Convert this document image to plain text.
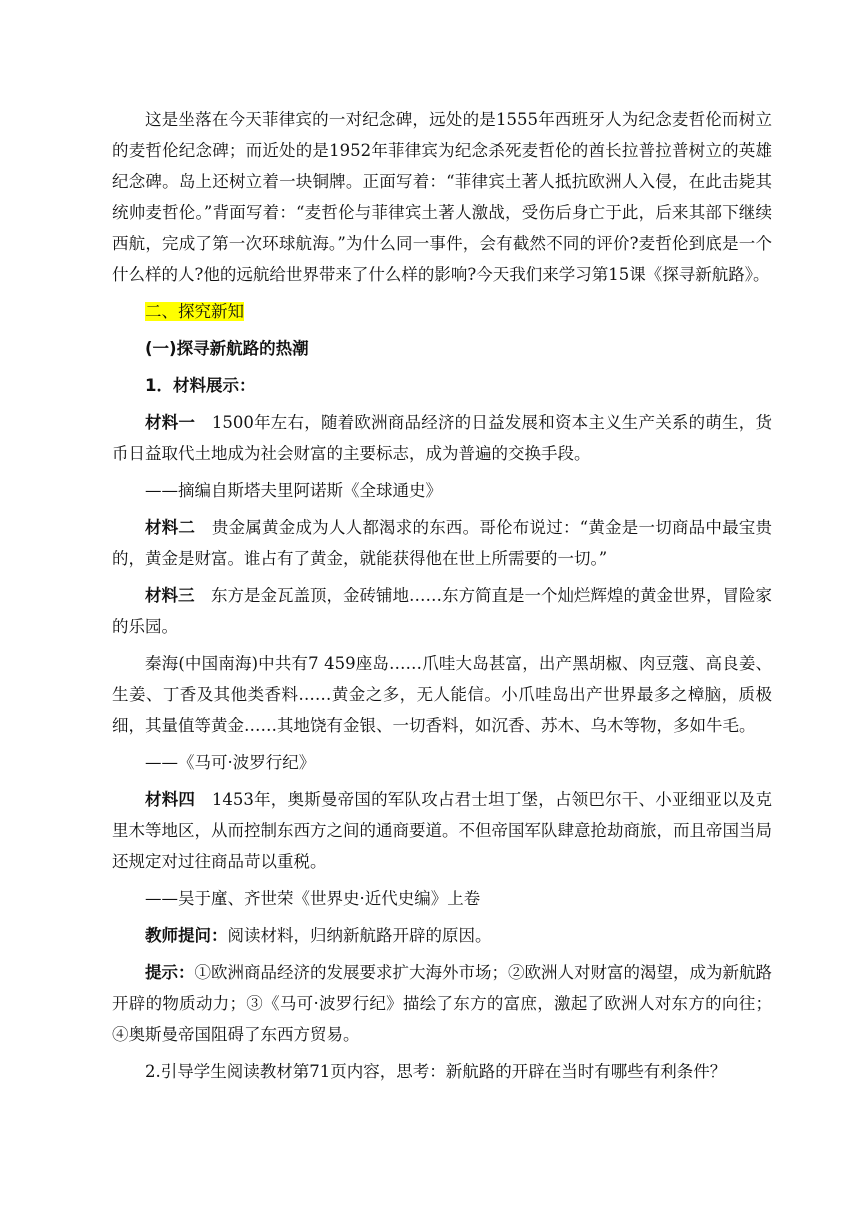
这是坐落在今天菲律宾的一对纪念碑，远处的是1555年西班牙人为纪念麦哲伦而树立的麦哲伦纪念碑；而近处的是1952年菲律宾为纪念杀死麦哲伦的酋长拉普拉普树立的英雄纪念碑。岛上还树立着一块铜牌。正面写着：“菲律宾土著人抵抗欧洲人入侵，在此击毙其统帅麦哲伦。”背面写着：“麦哲伦与菲律宾土著人激战，受伤后身亡于此，后来其部下继续西航，完成了第一次环球航海。”为什么同一事件，会有截然不同的评价?麦哲伦到底是一个什么样的人?他的远航给世界带来了什么样的影响?今天我们来学习第15课《探寻新航路》。

二、探究新知

(一)探寻新航路的热潮

1．材料展示：

材料一　 1500年左右，随着欧洲商品经济的日益发展和资本主义生产关系的萌生，货币日益取代土地成为社会财富的主要标志，成为普遍的交换手段。

——摘编自斯塔夫里阿诺斯《全球通史》

材料二　 贵金属黄金成为人人都渴求的东西。哥伦布说过：“黄金是一切商品中最宝贵的，黄金是财富。谁占有了黄金，就能获得他在世上所需要的一切。”

材料三　 东方是金瓦盖顶，金砖铺地……东方简直是一个灿烂辉煌的黄金世界，冒险家的乐园。

秦海(中国南海)中共有7 459座岛……爪哇大岛甚富，出产黑胡椒、肉豆蔻、高良姜、生姜、丁香及其他类香料……黄金之多，无人能信。小爪哇岛出产世界最多之樟脑，质极细，其量值等黄金……其地饶有金银、一切香料，如沉香、苏木、乌木等物，多如牛毛。

——《马可·波罗行纪》

材料四　 1453年，奥斯曼帝国的军队攻占君士坦丁堡，占领巴尔干、小亚细亚以及克里木等地区，从而控制东西方之间的通商要道。不但帝国军队肆意抢劫商旅，而且帝国当局还规定对过往商品苛以重税。

——吴于廑、齐世荣《世界史·近代史编》上卷

教师提问：阅读材料，归纳新航路开辟的原因。

提示：①欧洲商品经济的发展要求扩大海外市场；②欧洲人对财富的渴望，成为新航路开辟的物质动力；③《马可·波罗行纪》描绘了东方的富庶，激起了欧洲人对东方的向往；④奥斯曼帝国阻碍了东西方贸易。

2.引导学生阅读教材第71页内容，思考：新航路的开辟在当时有哪些有利条件？
